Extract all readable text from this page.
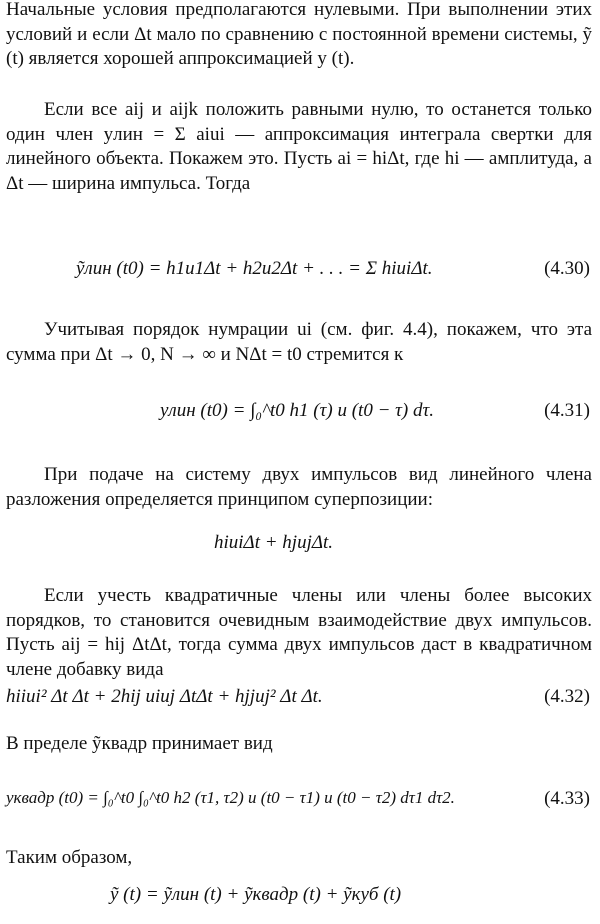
Начальные условия предполагаются нулевыми. При выполнении этих условий и если Δt мало по сравнению с постоянной времени системы, ỹ (t) является хорошей аппроксимацией y (t).

Если все aij и aijk положить равными нулю, то останется только один член yлин = Σ aiui — аппроксимация интеграла свертки для линейного объекта. Покажем это. Пусть ai = hiΔt, где hi — амплитуда, а Δt — ширина импульса. Тогда

ỹлин (t0) = h1u1Δt + h2u2Δt + . . . = Σ hiuiΔt.	(4.30)

Учитывая порядок нумрации ui (см. фиг. 4.4), покажем, что эта сумма при Δt → 0, N → ∞ и NΔt = t0 стремится к

yлин (t0) = ∫₀^t0 h1 (τ) u (t0 − τ) dτ.	(4.31)

При подаче на систему двух импульсов вид линейного члена разложения определяется принципом суперпозиции:

hiuiΔt + hjujΔt.

Если учесть квадратичные члены или члены более высоких порядков, то становится очевидным взаимодействие двух импульсов. Пусть aij = hij ΔtΔt, тогда сумма двух импульсов даст в квадратичном члене добавку вида

hiiui² Δt Δt + 2hij uiuj ΔtΔt + hjjuj² Δt Δt.	(4.32)

В пределе ỹквадр принимает вид

yквадр (t0) = ∫₀^t0 ∫₀^t0 h2 (τ1, τ2) u (t0 − τ1) u (t0 − τ2) dτ1 dτ2.	(4.33)

Таким образом,

ỹ (t) = ỹлин (t) + ỹквадр (t) + ỹкуб (t)
